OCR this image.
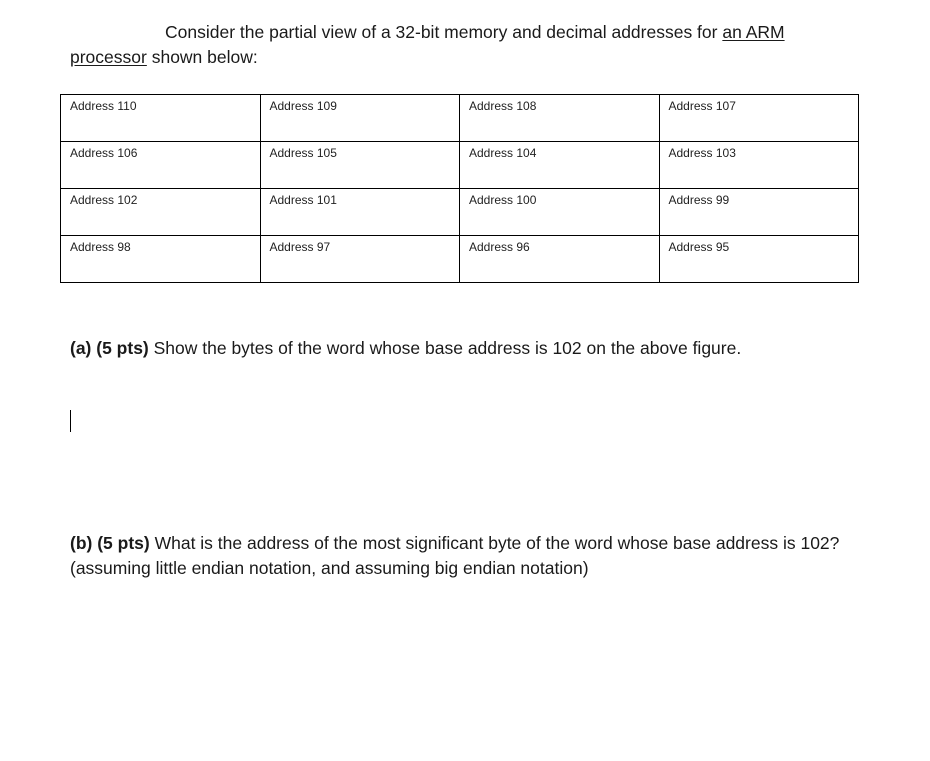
Consider the partial view of a 32-bit memory and decimal addresses for an ARM
processor shown below:

Address 110	Address 109	Address 108	Address 107
Address 106	Address 105	Address 104	Address 103
Address 102	Address 101	Address 100	Address 99
Address 98	Address 97	Address 96	Address 95

(a) (5 pts) Show the bytes of the word whose base address is 102 on the above figure.

(b) (5 pts) What is the address of the most significant byte of the word whose base address is 102? (assuming little endian notation, and assuming big endian notation)
